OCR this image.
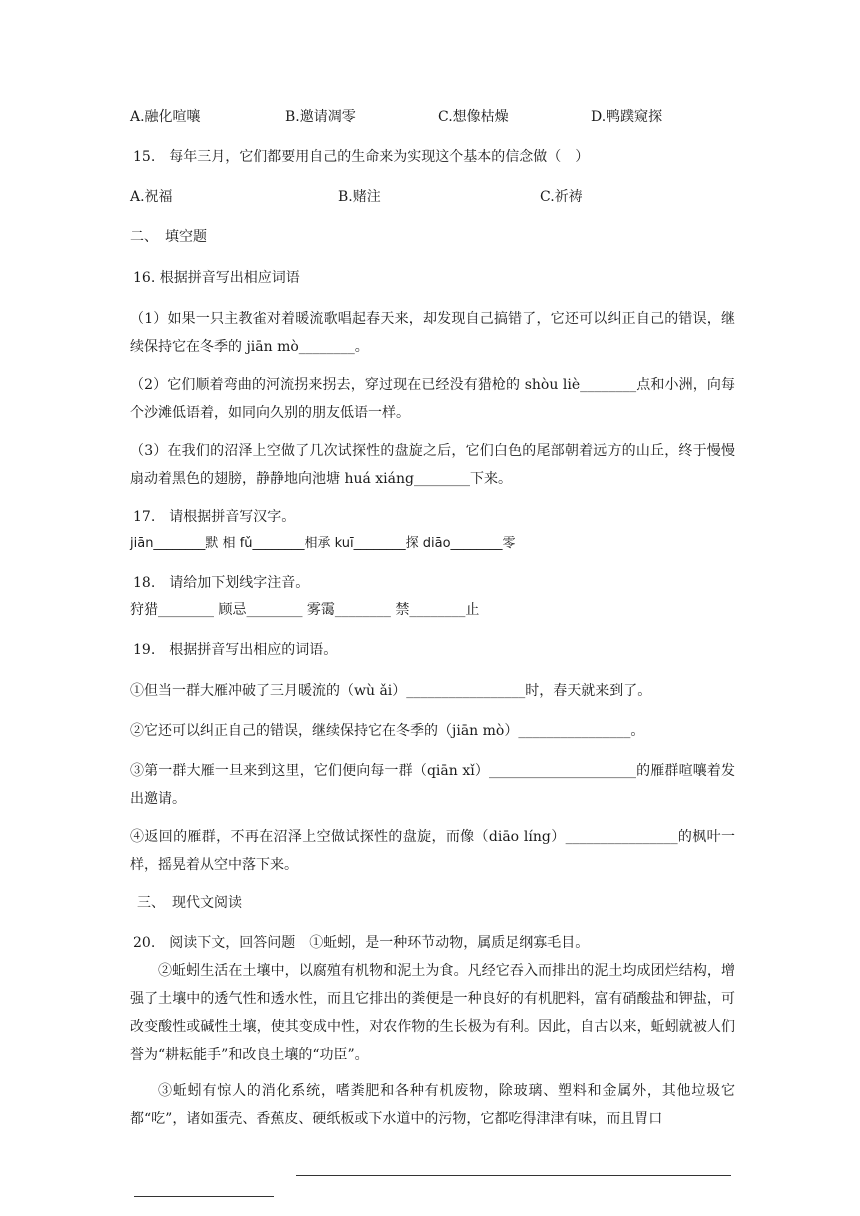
A.融化喧嚷	B.邀请凋零	C.想像枯燥	D.鸭蹼窥探
15.　每年三月，它们都要用自己的生命来为实现这个基本的信念做（　）
A.祝福	B.赌注	C.祈祷
二、　填空题
16. 根据拼音写出相应词语
（1）如果一只主教雀对着暖流歌唱起春天来，却发现自己搞错了，它还可以纠正自己的错误，继续保持它在冬季的 jiān mò________。
（2）它们顺着弯曲的河流拐来拐去，穿过现在已经没有猎枪的 shòu liè________点和小洲，向每个沙滩低语着，如同向久别的朋友低语一样。
（3）在我们的沼泽上空做了几次试探性的盘旋之后，它们白色的尾部朝着远方的山丘，终于慢慢扇动着黑色的翅膀，静静地向池塘 huá xiáng________下来。
17.　请根据拼音写汉字。
jiān________默 相 fǔ________相承 kuī________探 diāo________零
18.　请给加下划线字注音。
狩猎________ 顾忌________ 雾霭________ 禁________止
19.　根据拼音写出相应的词语。
①但当一群大雁冲破了三月暖流的（wù ǎi）_________________时，春天就来到了。
②它还可以纠正自己的错误，继续保持它在冬季的（jiān mò）________________。
③第一群大雁一旦来到这里，它们便向每一群（qiān xǐ）_____________________的雁群喧嚷着发出邀请。
④返回的雁群，不再在沼泽上空做试探性的盘旋，而像（diāo líng）________________的枫叶一样，摇晃着从空中落下来。
三、　现代文阅读
20.　阅读下文，回答问题　①蚯蚓，是一种环节动物，属质足纲寡毛目。
②蚯蚓生活在土壤中，以腐殖有机物和泥土为食。凡经它吞入而排出的泥土均成团烂结构，增强了土壤中的透气性和透水性，而且它排出的粪便是一种良好的有机肥料，富有硝酸盐和钾盐，可改变酸性或碱性土壤，使其变成中性，对农作物的生长极为有利。因此，自古以来，蚯蚓就被人们誉为“耕耘能手”和改良土壤的“功臣”。
③蚯蚓有惊人的消化系统，嗜粪肥和各种有机废物，除玻璃、塑料和金属外，其他垃圾它都“吃”，诸如蛋壳、香蕉皮、硬纸板或下水道中的污物，它都吃得津津有味，而且胃口
